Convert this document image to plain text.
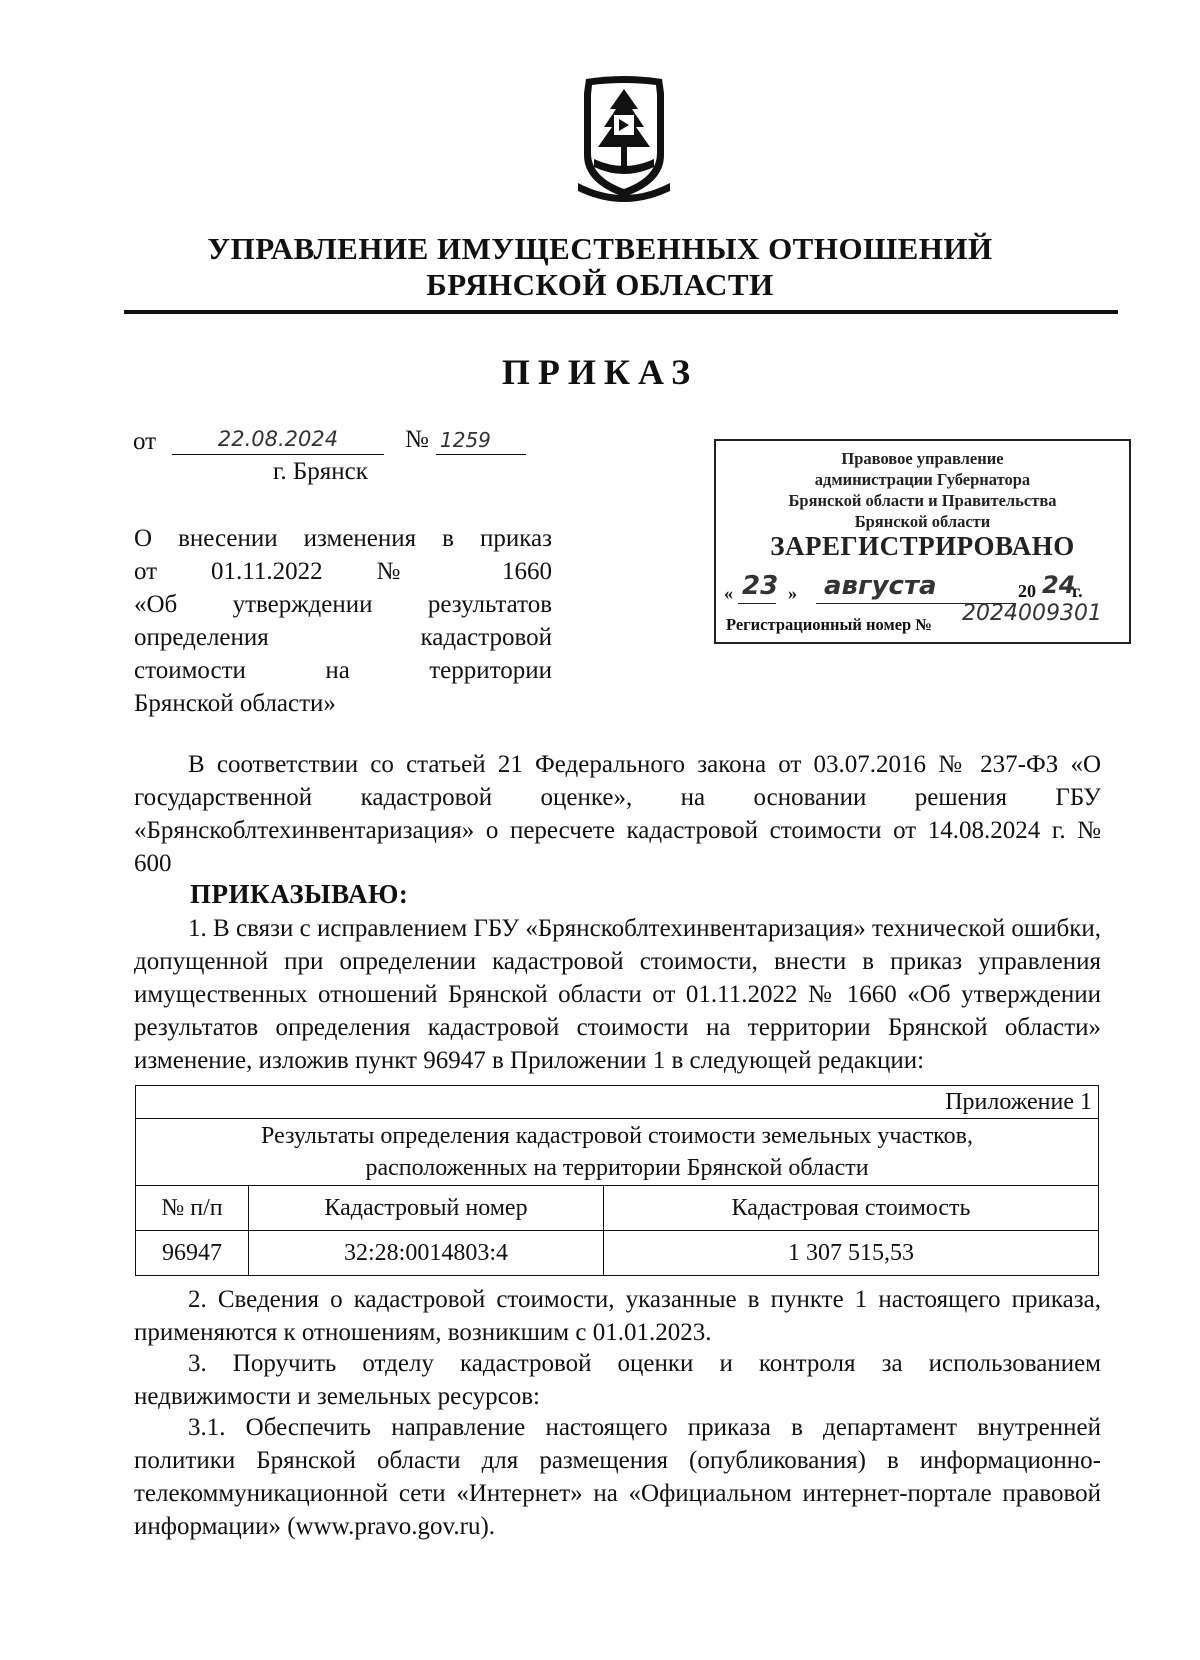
УПРАВЛЕНИЕ ИМУЩЕСТВЕННЫХ ОТНОШЕНИЙ
БРЯНСКОЙ ОБЛАСТИ
ПРИКАЗ
от	22.08.2024	№ 1259
г. Брянск
О внесении изменения в приказ
от 01.11.2022 № 1660
«Об утверждении результатов
определения кадастровой
стоимости на территории
Брянской области»
Правовое управление
администрации Губернатора
Брянской области и Правительства
Брянской области
ЗАРЕГИСТРИРОВАНО
« 23 » августа	20 24
г.
Регистрационный номер № 2024009301
В соответствии со статьей 21 Федерального закона от 03.07.2016 № 237-ФЗ «О государственной кадастровой оценке», на основании решения ГБУ «Брянскоблтехинвентаризация» о пересчете кадастровой стоимости от 14.08.2024 г. № 600
ПРИКАЗЫВАЮ:
1. В связи с исправлением ГБУ «Брянскоблтехинвентаризация» технической ошибки, допущенной при определении кадастровой стоимости, внести в приказ управления имущественных отношений Брянской области от 01.11.2022 № 1660 «Об утверждении результатов определения кадастровой стоимости на территории Брянской области» изменение, изложив пункт 96947 в Приложении 1 в следующей редакции:
Приложение 1		

Результаты определения кадастровой стоимости земельных участков,
расположенных на территории Брянской области		

№ п/п	Кадастровый номер	Кадастровая стоимость
96947	32:28:0014803:4	1 307 515,53
2. Сведения о кадастровой стоимости, указанные в пункте 1 настоящего приказа, применяются к отношениям, возникшим с 01.01.2023.
3. Поручить отделу кадастровой оценки и контроля за использованием недвижимости и земельных ресурсов:
3.1. Обеспечить направление настоящего приказа в департамент внутренней политики Брянской области для размещения (опубликования) в информационно-телекоммуникационной сети «Интернет» на «Официальном интернет-портале правовой информации» (www.pravo.gov.ru).
